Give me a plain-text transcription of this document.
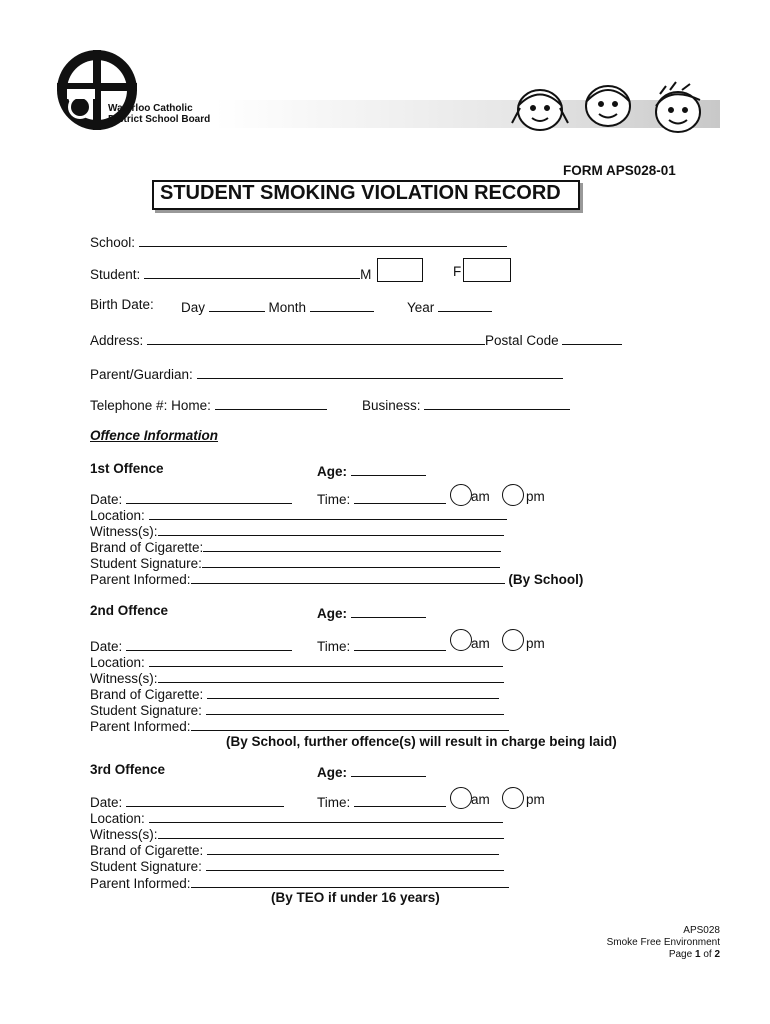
Waterloo Catholic
District School Board
FORM APS028-01
STUDENT SMOKING VIOLATION RECORD
School:
Student:	M	F
Birth Date: Day	Month	Year
Address:	Postal Code
Parent/Guardian:
Telephone #: Home:	Business:
Offence Information
1st Offence	Age:
Date:	Time:	am	pm
Location:
Witness(s):
Brand of Cigarette:
Student Signature:
Parent Informed:	(By School)
2nd Offence	Age:
Date:	Time:	am	pm
Location:
Witness(s):
Brand of Cigarette:
Student Signature:
Parent Informed:
(By School, further offence(s) will result in charge being laid)
3rd Offence	Age:
Date:	Time:	am	pm
Location:
Witness(s):
Brand of Cigarette:
Student Signature:
Parent Informed:
(By TEO if under 16 years)
APS028
Smoke Free Environment
Page 1 of 2
